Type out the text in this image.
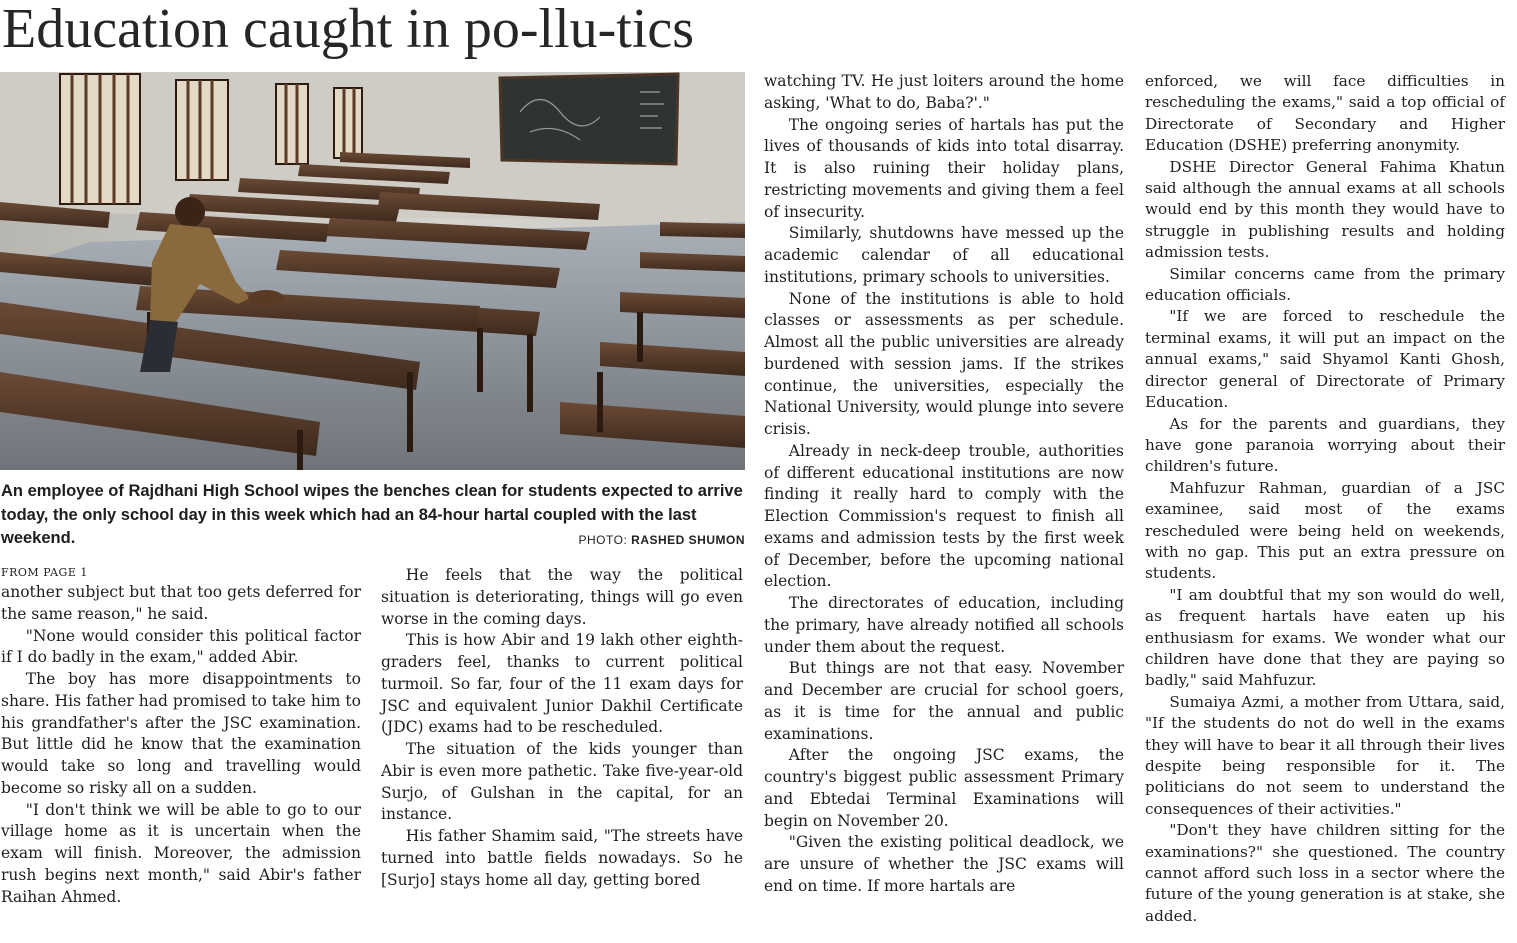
Education caught in po-llu-tics

An employee of Rajdhani High School wipes the benches clean for students expected to arrive today, the only school day in this week which had an 84-hour hartal coupled with the last weekend.	PHOTO: RASHED SHUMON
FROM PAGE 1

another subject but that too gets deferred for the same reason," he said.

"None would consider this political factor if I do badly in the exam," added Abir.

The boy has more disappointments to share. His father had promised to take him to his grandfather's after the JSC examination. But little did he know that the examination would take so long and travelling would become so risky all on a sudden.

"I don't think we will be able to go to our village home as it is uncertain when the exam will finish. Moreover, the admission rush begins next month," said Abir's father Raihan Ahmed.

He feels that the way the political situation is deteriorating, things will go even worse in the coming days.

This is how Abir and 19 lakh other eighth-graders feel, thanks to current political turmoil. So far, four of the 11 exam days for JSC and equivalent Junior Dakhil Certificate (JDC) exams had to be rescheduled.

The situation of the kids younger than Abir is even more pathetic. Take five-year-old Surjo, of Gulshan in the capital, for an instance.

His father Shamim said, "The streets have turned into battle fields nowadays. So he [Surjo] stays home all day, getting bored

watching TV. He just loiters around the home asking, 'What to do, Baba?'."

The ongoing series of hartals has put the lives of thousands of kids into total disarray. It is also ruining their holiday plans, restricting movements and giving them a feel of insecurity.

Similarly, shutdowns have messed up the academic calendar of all educational institutions, primary schools to universities.

None of the institutions is able to hold classes or assessments as per schedule. Almost all the public universities are already burdened with session jams. If the strikes continue, the universities, especially the National University, would plunge into severe crisis.

Already in neck-deep trouble, authorities of different educational institutions are now finding it really hard to comply with the Election Commission's request to finish all exams and admission tests by the first week of December, before the upcoming national election.

The directorates of education, including the primary, have already notified all schools under them about the request.

But things are not that easy. November and December are crucial for school goers, as it is time for the annual and public examinations.

After the ongoing JSC exams, the country's biggest public assessment Primary and Ebtedai Terminal Examinations will begin on November 20.

"Given the existing political deadlock, we are unsure of whether the JSC exams will end on time. If more hartals are

enforced, we will face difficulties in rescheduling the exams," said a top official of Directorate of Secondary and Higher Education (DSHE) preferring anonymity.

DSHE Director General Fahima Khatun said although the annual exams at all schools would end by this month they would have to struggle in publishing results and holding admission tests.

Similar concerns came from the primary education officials.

"If we are forced to reschedule the terminal exams, it will put an impact on the annual exams," said Shyamol Kanti Ghosh, director general of Directorate of Primary Education.

As for the parents and guardians, they have gone paranoia worrying about their children's future.

Mahfuzur Rahman, guardian of a JSC examinee, said most of the exams rescheduled were being held on weekends, with no gap. This put an extra pressure on students.

"I am doubtful that my son would do well, as frequent hartals have eaten up his enthusiasm for exams. We wonder what our children have done that they are paying so badly," said Mahfuzur.

Sumaiya Azmi, a mother from Uttara, said, "If the students do not do well in the exams they will have to bear it all through their lives despite being responsible for it. The politicians do not seem to understand the consequences of their activities."

"Don't they have children sitting for the examinations?" she questioned. The country cannot afford such loss in a sector where the future of the young generation is at stake, she added.
